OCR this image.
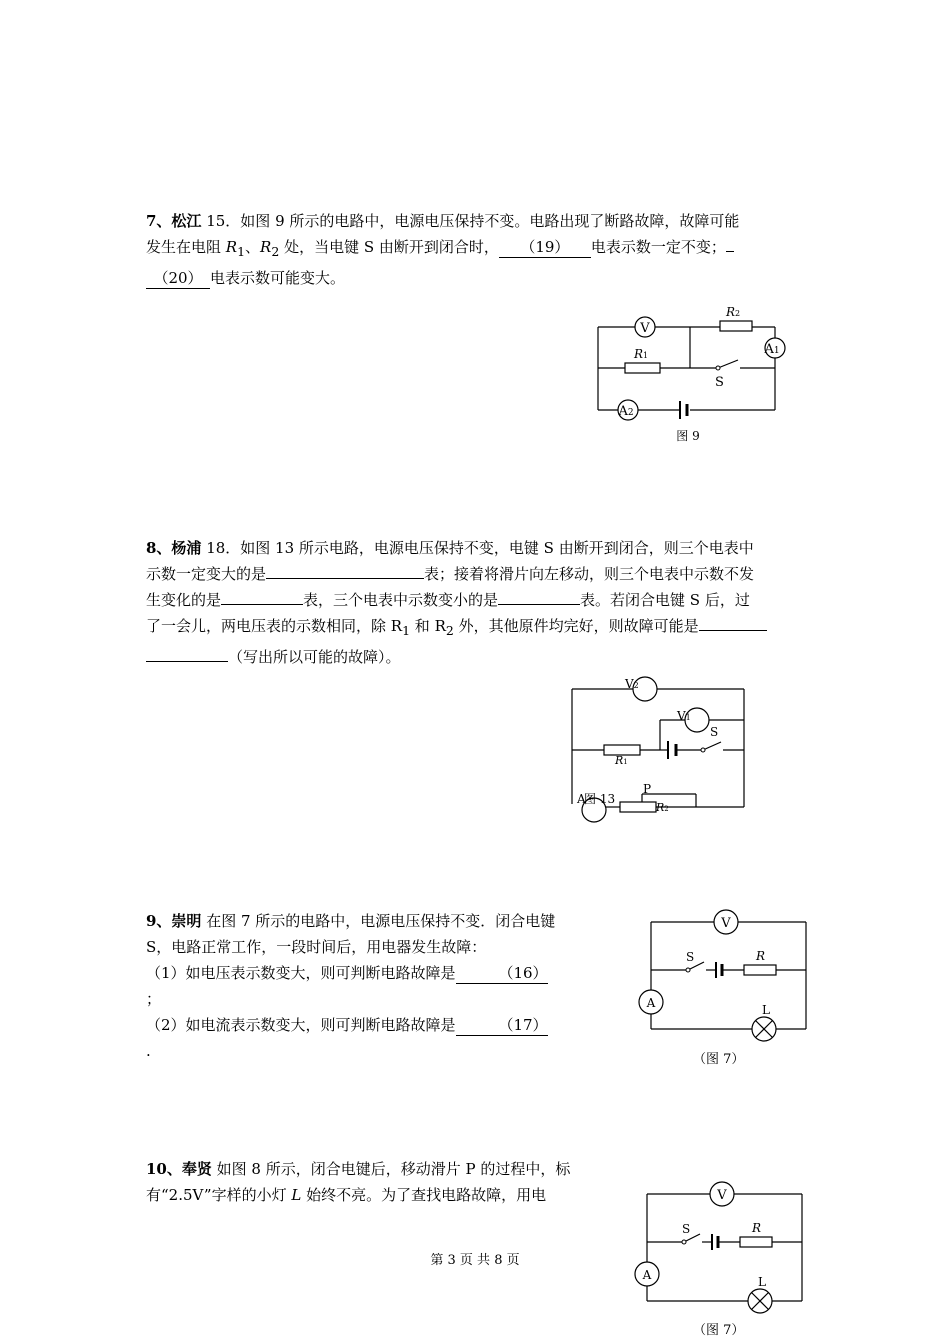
7、松江 15．如图 9 所示的电路中，电源电压保持不变。电路出现了断路故障，故障可能

发生在电阻 $R_1$、$R_2$ 处，当电键 S 由断开到闭合时， （19） 电表示数一定不变；

（20） 电表示数可能变大。

V
A1
A2
R2
R1
S
图 9

8、杨浦 18．如图 13 所示电路，电源电压保持不变，电键 S 由断开到闭合，则三个电表中

示数一定变大的是	表；接着将滑片向左移动，则三个电表中示数不发

生变化的是	表，三个电表中示数变小的是	表。若闭合电键 S 后，过

了一会儿，两电压表的示数相同，除 $R_1$ 和 $R_2$ 外，其他原件均完好，则故障可能是

（写出所以可能的故障）。

V2
V1
S
R1
A
图 13
P
R2

9、崇明 在图 7 所示的电路中，电源电压保持不变．闭合电键

S，电路正常工作，一段时间后，用电器发生故障：

（1）如电压表示数变大，则可判断电路故障是	（16）

；

（2）如电流表示数变大，则可判断电路故障是	（17）

.

V
S	R
A	L
（图 7）

10、奉贤 如图 8 所示，闭合电键后，移动滑片 P 的过程中，标

有“2.5V”字样的小灯 L 始终不亮。为了查找电路故障，用电	V
S	R
A	L
（图 7）
第 3 页 共 8 页
